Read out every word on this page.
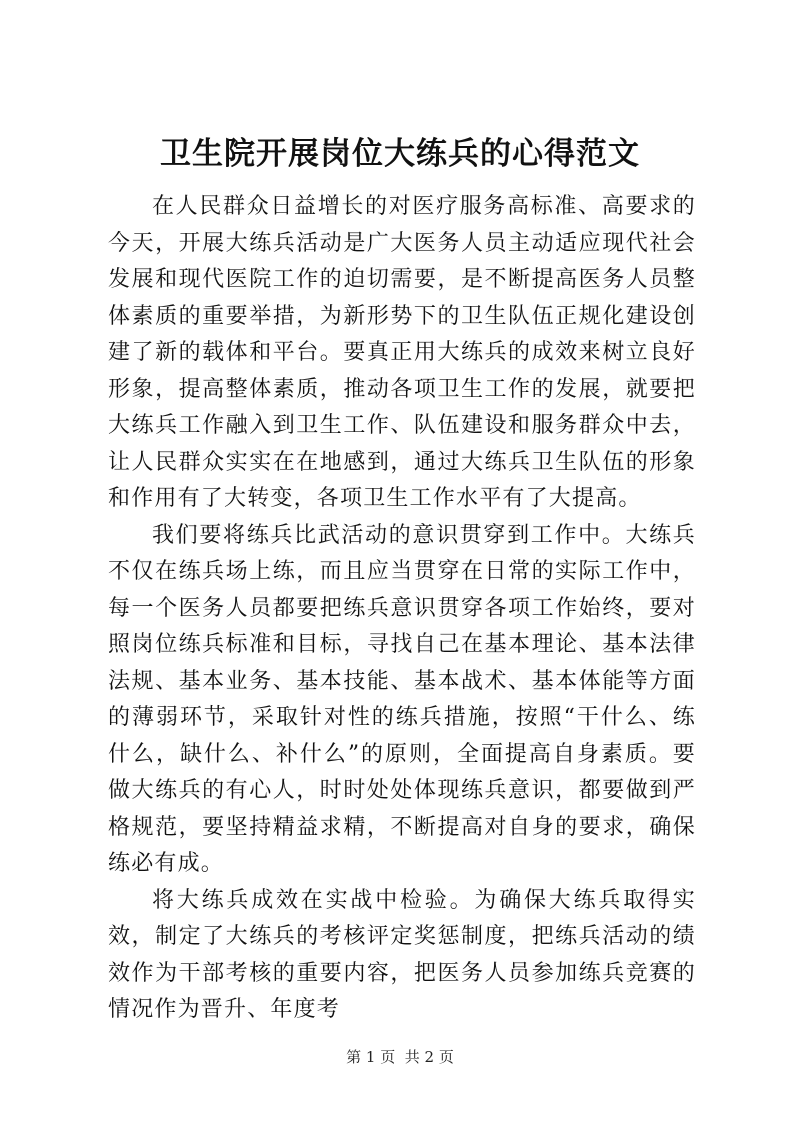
卫生院开展岗位大练兵的心得范文

在人民群众日益增长的对医疗服务高标准、高要求的今天，开展大练兵活动是广大医务人员主动适应现代社会发展和现代医院工作的迫切需要，是不断提高医务人员整体素质的重要举措，为新形势下的卫生队伍正规化建设创建了新的载体和平台。要真正用大练兵的成效来树立良好形象，提高整体素质，推动各项卫生工作的发展，就要把大练兵工作融入到卫生工作、队伍建设和服务群众中去，让人民群众实实在在地感到，通过大练兵卫生队伍的形象和作用有了大转变，各项卫生工作水平有了大提高。

我们要将练兵比武活动的意识贯穿到工作中。大练兵不仅在练兵场上练，而且应当贯穿在日常的实际工作中，每一个医务人员都要把练兵意识贯穿各项工作始终，要对照岗位练兵标准和目标，寻找自己在基本理论、基本法律法规、基本业务、基本技能、基本战术、基本体能等方面的薄弱环节，采取针对性的练兵措施，按照“干什么、练什么，缺什么、补什么”的原则，全面提高自身素质。要做大练兵的有心人，时时处处体现练兵意识，都要做到严格规范，要坚持精益求精，不断提高对自身的要求，确保练必有成。

将大练兵成效在实战中检验。为确保大练兵取得实效，制定了大练兵的考核评定奖惩制度，把练兵活动的绩效作为干部考核的重要内容，把医务人员参加练兵竞赛的情况作为晋升、年度考

第 1 页  共 2 页
